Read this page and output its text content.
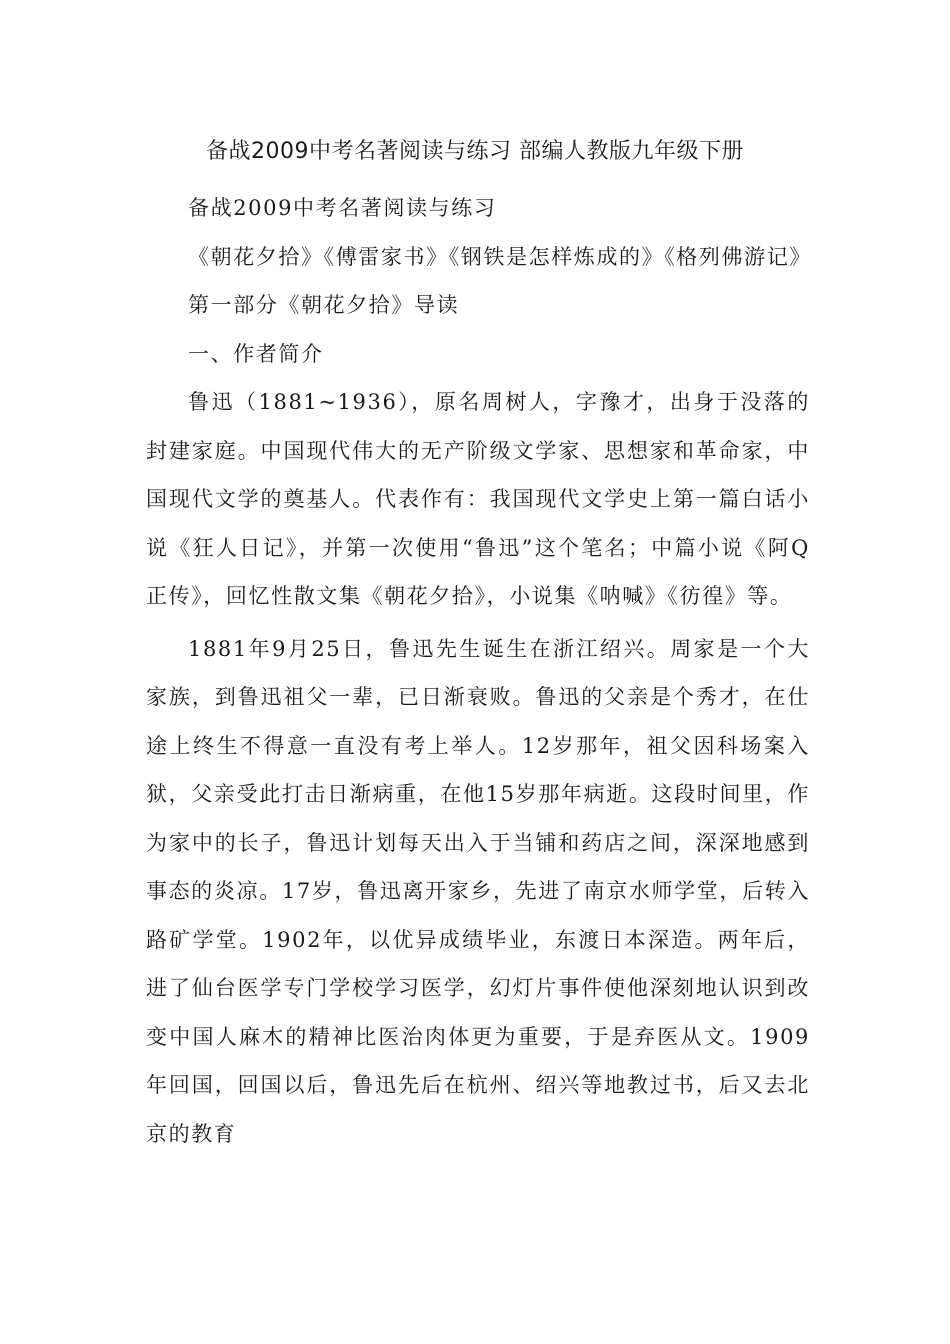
备战2009中考名著阅读与练习 部编人教版九年级下册

备战2009中考名著阅读与练习

《朝花夕拾》《傅雷家书》《钢铁是怎样炼成的》《格列佛游记》

第一部分《朝花夕拾》导读

一、作者简介

鲁迅（1881~1936），原名周树人，字豫才，出身于没落的封建家庭。中国现代伟大的无产阶级文学家、思想家和革命家，中国现代文学的奠基人。代表作有：我国现代文学史上第一篇白话小说《狂人日记》，并第一次使用“鲁迅”这个笔名；中篇小说《阿Q正传》，回忆性散文集《朝花夕拾》，小说集《呐喊》《彷徨》等。

1881年9月25日，鲁迅先生诞生在浙江绍兴。周家是一个大家族，到鲁迅祖父一辈，已日渐衰败。鲁迅的父亲是个秀才，在仕途上终生不得意一直没有考上举人。12岁那年，祖父因科场案入狱，父亲受此打击日渐病重，在他15岁那年病逝。这段时间里，作为家中的长子，鲁迅计划每天出入于当铺和药店之间，深深地感到事态的炎凉。17岁，鲁迅离开家乡，先进了南京水师学堂，后转入路矿学堂。1902年，以优异成绩毕业，东渡日本深造。两年后，进了仙台医学专门学校学习医学，幻灯片事件使他深刻地认识到改变中国人麻木的精神比医治肉体更为重要，于是弃医从文。1909年回国，回国以后，鲁迅先后在杭州、绍兴等地教过书，后又去北京的教育
